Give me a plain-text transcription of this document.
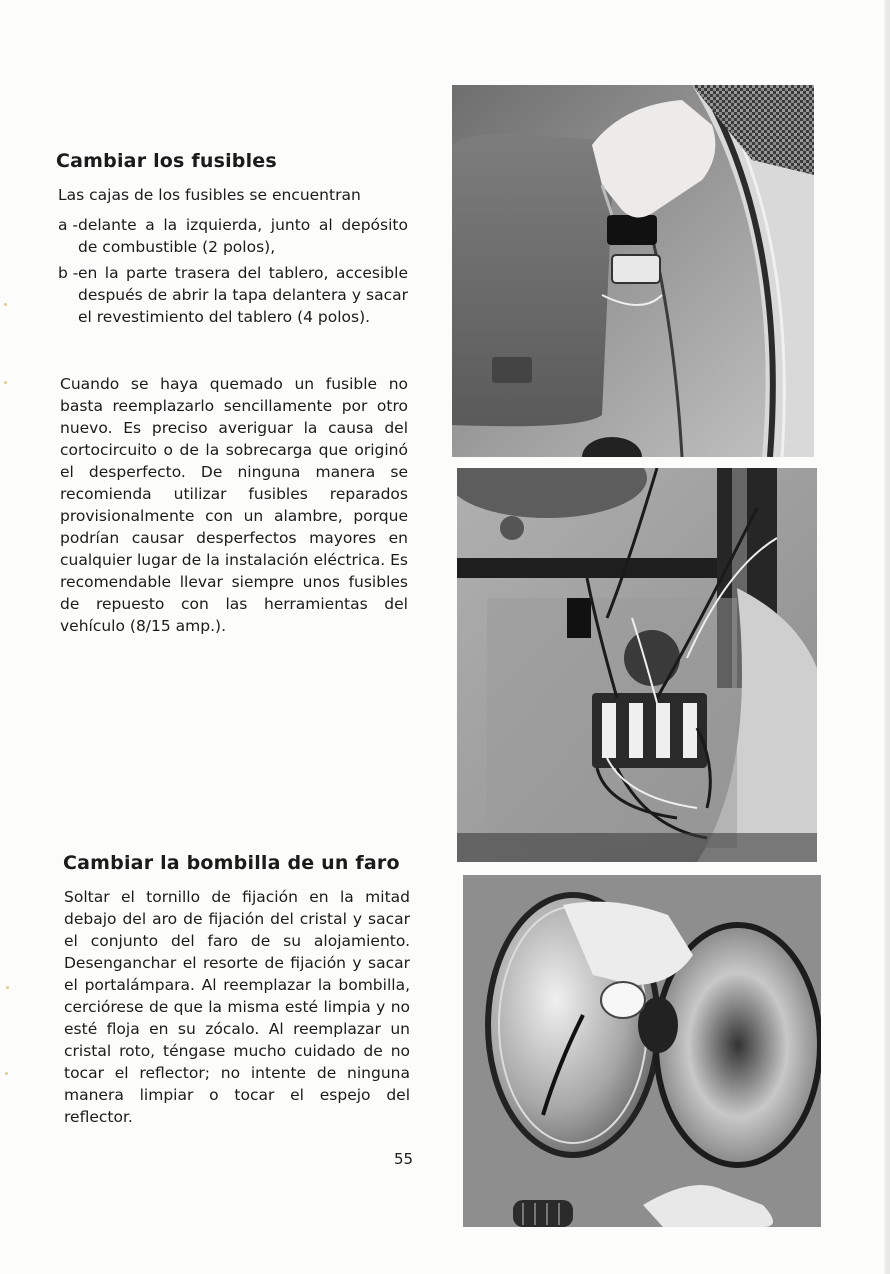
Cambiar los fusibles

Las cajas de los fusibles se encuentran

a - delante a la izquierda, junto al depósito de combustible (2 polos),
b - en la parte trasera del tablero, accesible después de abrir la tapa delantera y sacar el revestimiento del tablero (4 polos).

Cuando se haya quemado un fusible no basta reemplazarlo sencillamente por otro nuevo. Es preciso averiguar la causa del cortocircuito o de la sobrecarga que originó el desperfecto. De ninguna manera se recomienda utilizar fusibles reparados provisionalmente con un alambre, porque podrían causar desperfectos mayores en cualquier lugar de la instalación eléctrica. Es recomendable llevar siempre unos fusibles de repuesto con las herramientas del vehículo (8/15 amp.).

Cambiar la bombilla de un faro

Soltar el tornillo de fijación en la mitad debajo del aro de fijación del cristal y sacar el conjunto del faro de su alojamiento. Desenganchar el resorte de fijación y sacar el portalámpara. Al reemplazar la bombilla, cerciórese de que la misma esté limpia y no esté floja en su zócalo. Al reemplazar un cristal roto, téngase mucho cuidado de no tocar el reflector; no intente de ninguna manera limpiar o tocar el espejo del reflector.

55
